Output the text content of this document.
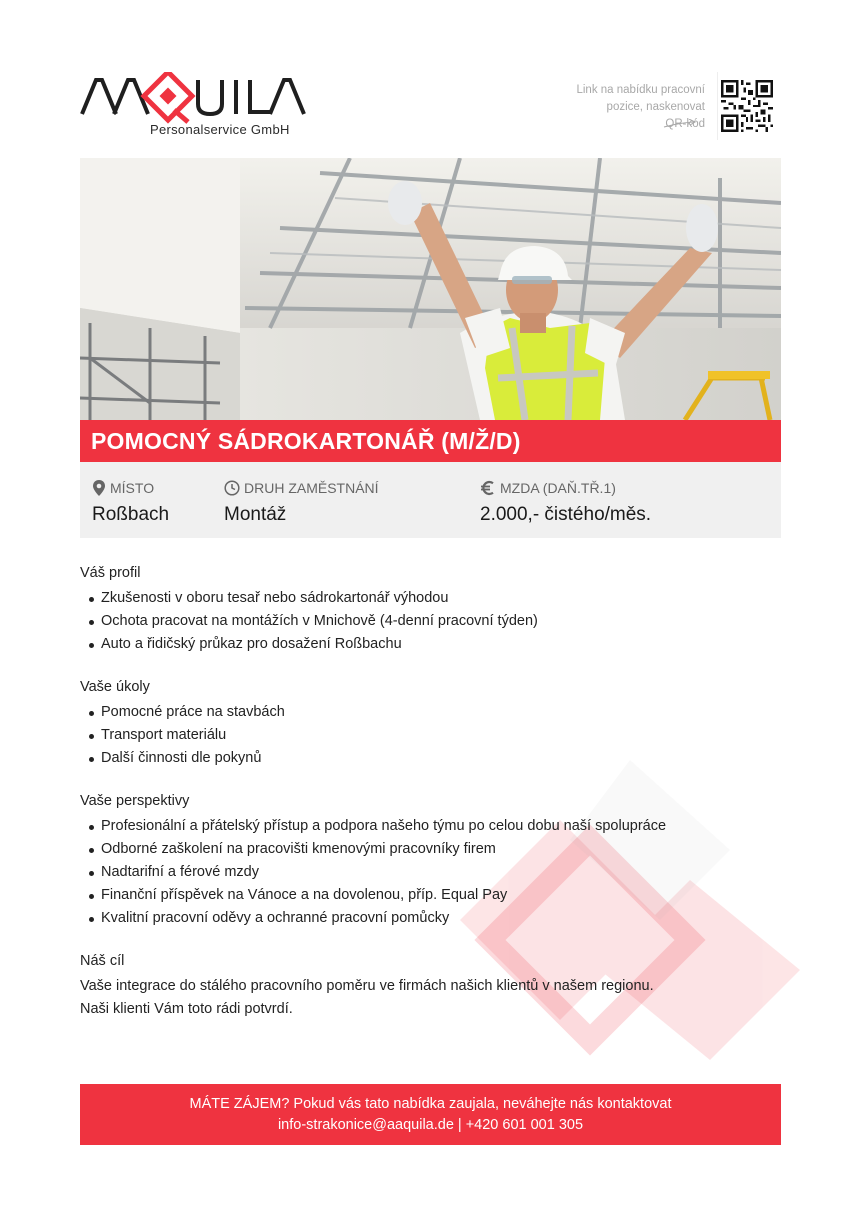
Personalservice GmbH
Link na nabídku pracovní
pozice, naskenovat
QR-kód
POMOCNÝ SÁDROKARTONÁŘ (M/Ž/D)
MÍSTO
Roßbach
DRUH ZAMĚSTNÁNÍ
Montáž
MZDA (DAŇ.TŘ.1)
2.000,- čistého/měs.
Váš profil
Zkušenosti v oboru tesař nebo sádrokartonář výhodou
Ochota pracovat na montážích v Mnichově (4-denní pracovní týden)
Auto a řidičský průkaz pro dosažení Roßbachu
Vaše úkoly
Pomocné práce na stavbách
Transport materiálu
Další činnosti dle pokynů
Vaše perspektivy
Profesionální a přátelský přístup a podpora našeho týmu po celou dobu naší spolupráce
Odborné zaškolení na pracovišti kmenovými pracovníky firem
Nadtarifní a férové mzdy
Finanční příspěvek na Vánoce a na dovolenou, příp. Equal Pay
Kvalitní pracovní oděvy a ochranné pracovní pomůcky
Náš cíl
Vaše integrace do stálého pracovního poměru ve firmách našich klientů v našem regionu.
Naši klienti Vám toto rádi potvrdí.
MÁTE ZÁJEM? Pokud vás tato nabídka zaujala, neváhejte nás kontaktovat
info-strakonice@aaquila.de | +420 601 001 305
